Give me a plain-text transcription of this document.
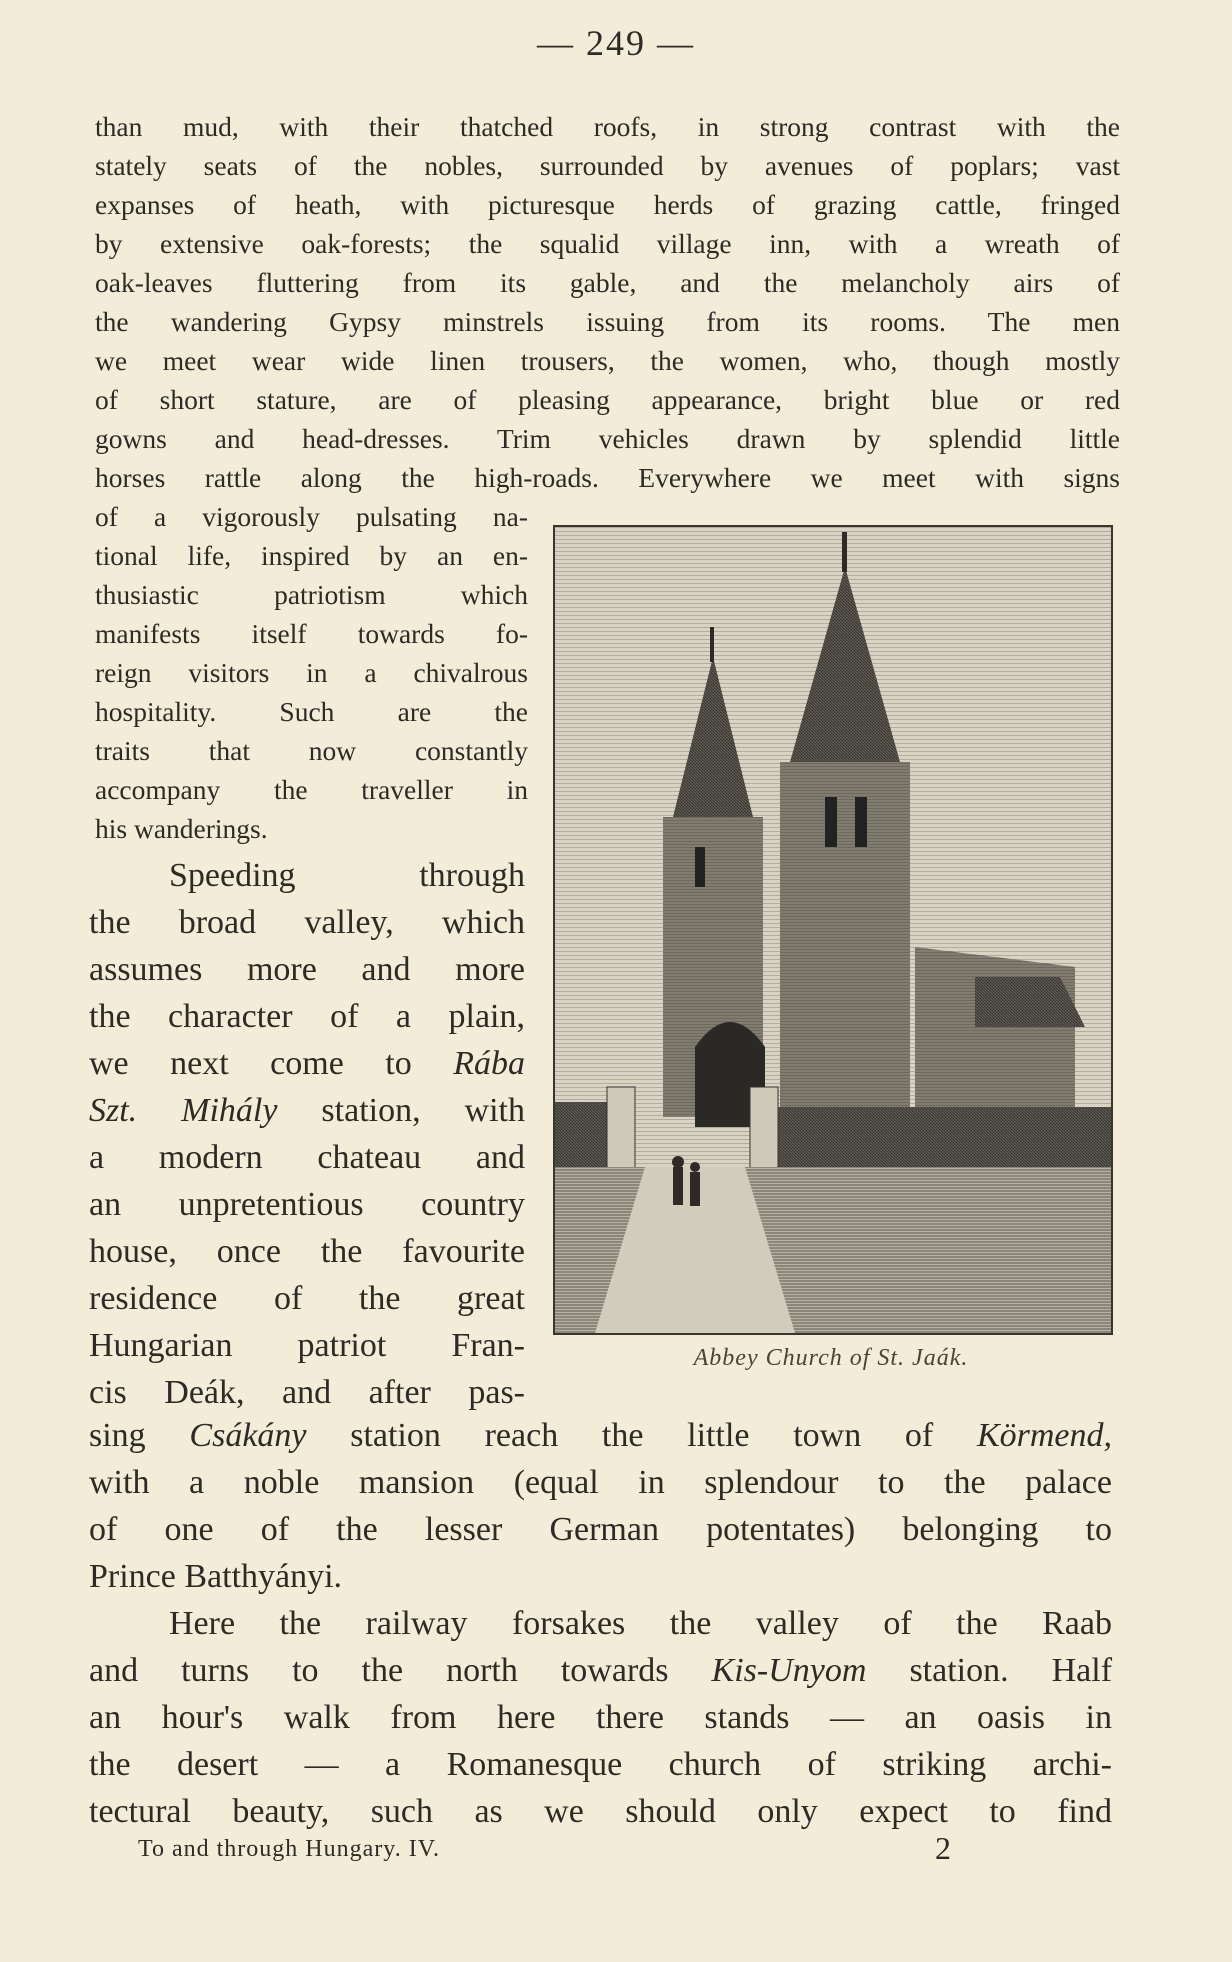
— 249 —
than mud, with their thatched roofs, in strong contrast with the
stately seats of the nobles, surrounded by avenues of poplars; vast
expanses of heath, with picturesque herds of grazing cattle, fringed
by extensive oak-forests; the squalid village inn, with a wreath of
oak-leaves fluttering from its gable, and the melancholy airs of
the wandering Gypsy minstrels issuing from its rooms. The men
we meet wear wide linen trousers, the women, who, though mostly
of short stature, are of pleasing appearance, bright blue or red
gowns and head-dresses. Trim vehicles drawn by splendid little
horses rattle along the high-roads. Everywhere we meet with signs
of a vigorously pulsating na-
tional life, inspired by an en-
thusiastic patriotism which
manifests itself towards fo-
reign visitors in a chivalrous
hospitality. Such are the
traits that now constantly
accompany the traveller in
his wanderings.
Speeding through
the broad valley, which
assumes more and more
the character of a plain,
we next come to Rába
Szt. Mihály station, with
a modern chateau and
an unpretentious country
house, once the favourite
residence of the great
Hungarian patriot Fran-
cis Deák, and after pas-
sing Csákány station reach the little town of Körmend,
with a noble mansion (equal in splendour to the palace
of one of the lesser German potentates) belonging to
Prince Batthyányi.
Here the railway forsakes the valley of the Raab
and turns to the north towards Kis-Unyom station. Half
an hour's walk from here there stands — an oasis in
the desert — a Romanesque church of striking archi-
tectural beauty, such as we should only expect to find
Abbey Church of St. Jaák.
To and through Hungary. IV.	2
